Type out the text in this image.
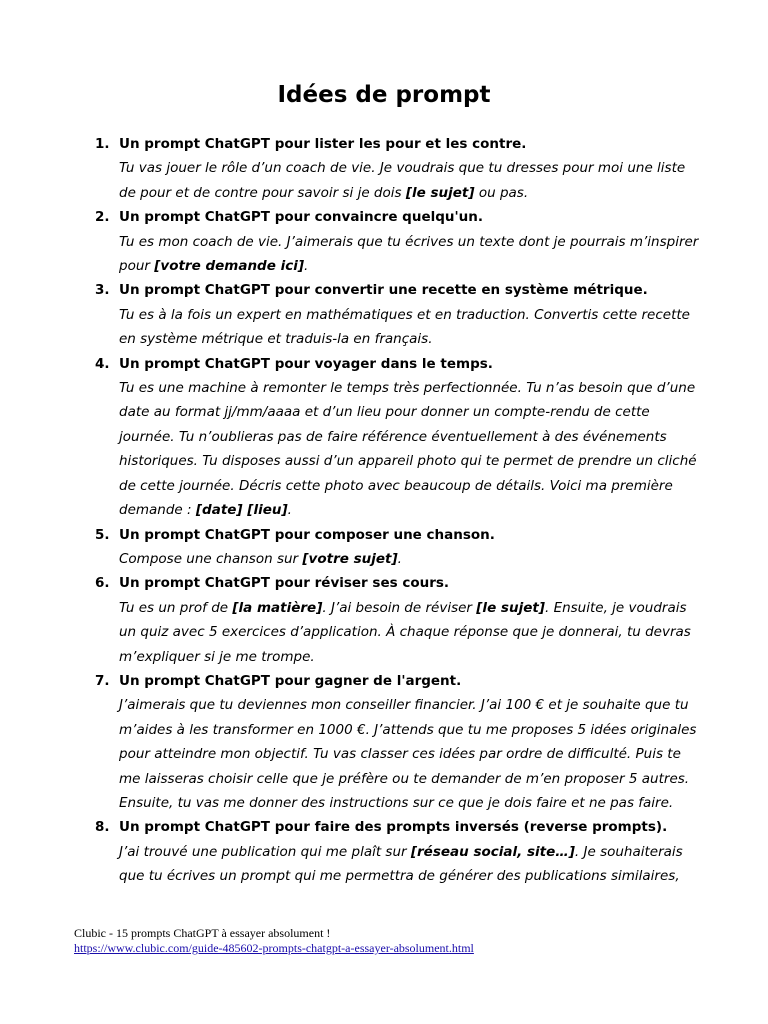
Idées de prompt
1. Un prompt ChatGPT pour lister les pour et les contre.
Tu vas jouer le rôle d’un coach de vie. Je voudrais que tu dresses pour moi une liste de pour et de contre pour savoir si je dois [le sujet] ou pas.
2. Un prompt ChatGPT pour convaincre quelqu'un.
Tu es mon coach de vie. J’aimerais que tu écrives un texte dont je pourrais m’inspirer pour [votre demande ici].
3. Un prompt ChatGPT pour convertir une recette en système métrique.
Tu es à la fois un expert en mathématiques et en traduction. Convertis cette recette en système métrique et traduis-la en français.
4. Un prompt ChatGPT pour voyager dans le temps.
Tu es une machine à remonter le temps très perfectionnée. Tu n’as besoin que d’une date au format jj/mm/aaaa et d’un lieu pour donner un compte-rendu de cette journée. Tu n’oublieras pas de faire référence éventuellement à des événements historiques. Tu disposes aussi d’un appareil photo qui te permet de prendre un cliché de cette journée. Décris cette photo avec beaucoup de détails. Voici ma première demande : [date] [lieu].
5. Un prompt ChatGPT pour composer une chanson.
Compose une chanson sur [votre sujet].
6. Un prompt ChatGPT pour réviser ses cours.
Tu es un prof de [la matière]. J’ai besoin de réviser [le sujet]. Ensuite, je voudrais un quiz avec 5 exercices d’application. À chaque réponse que je donnerai, tu devras m’expliquer si je me trompe.
7. Un prompt ChatGPT pour gagner de l'argent.
J’aimerais que tu deviennes mon conseiller financier. J’ai 100 € et je souhaite que tu m’aides à les transformer en 1000 €. J’attends que tu me proposes 5 idées originales pour atteindre mon objectif. Tu vas classer ces idées par ordre de difficulté. Puis te me laisseras choisir celle que je préfère ou te demander de m’en proposer 5 autres. Ensuite, tu vas me donner des instructions sur ce que je dois faire et ne pas faire.
8. Un prompt ChatGPT pour faire des prompts inversés (reverse prompts).
J’ai trouvé une publication qui me plaît sur [réseau social, site…]. Je souhaiterais que tu écrives un prompt qui me permettra de générer des publications similaires,
Clubic - 15 prompts ChatGPT à essayer absolument !
https://www.clubic.com/guide-485602-prompts-chatgpt-a-essayer-absolument.html
